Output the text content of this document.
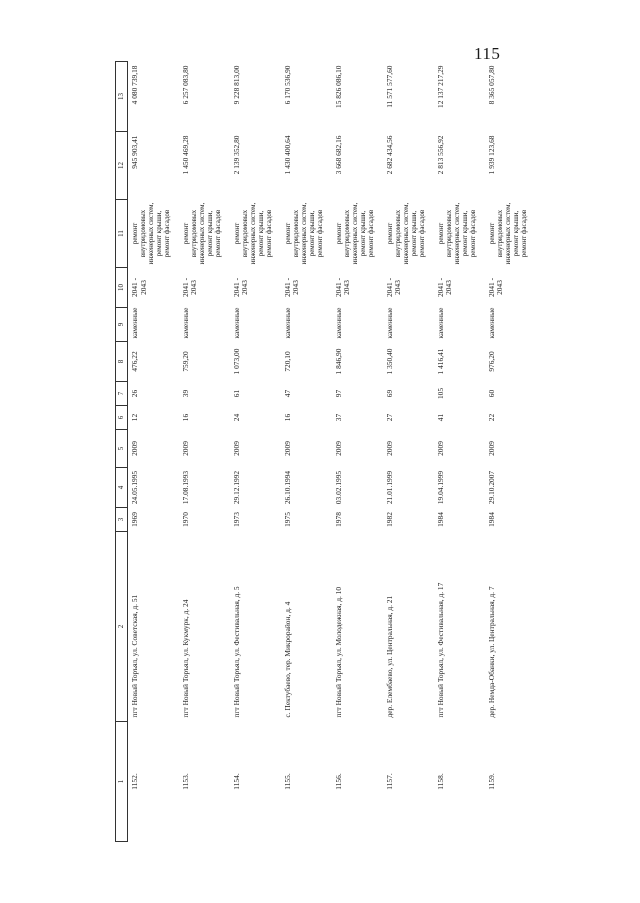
115
1	2	3	4	5	6	7	8	9	10	11	12	13
1152.	пгт Новый Торъял, ул. Советская, д. 51	1969	24.05.1995	2009	12	26	476,22	каменные	2041 - 2043	ремонт внутридомовых инженерных систем, ремонт крыши, ремонт фасадов	945 903,41	4 080 739,18
1153.	пгт Новый Торъял, ул. Кукмурк, д. 24	1970	17.08.1993	2009	16	39	759,20	каменные	2041 - 2043	ремонт внутридомовых инженерных систем, ремонт крыши, ремонт фасадов	1 450 469,28	6 257 083,80
1154.	пгт Новый Торъял, ул. Фестивальная, д. 5	1973	29.12.1992	2009	24	61	1 073,00	каменные	2041 - 2043	ремонт внутридомовых инженерных систем, ремонт крыши, ремонт фасадов	2 139 352,80	9 228 813,00
1155.	с. Пектубаево, тер. Микрорайон, д. 4	1975	26.10.1994	2009	16	47	720,10	каменные	2041 - 2043	ремонт внутридомовых инженерных систем, ремонт крыши, ремонт фасадов	1 430 400,64	6 170 536,90
1156.	пгт Новый Торъял, ул. Молодежная, д. 10	1978	03.02.1995	2009	37	97	1 846,90	каменные	2041 - 2043	ремонт внутридомовых инженерных систем, ремонт крыши, ремонт фасадов	3 668 682,16	15 826 086,10
1157.	дер. Елембаево, ул. Центральная, д. 21	1982	21.01.1999	2009	27	69	1 350,40	каменные	2041 - 2043	ремонт внутридомовых инженерных систем, ремонт крыши, ремонт фасадов	2 682 434,56	11 571 577,60
1158.	пгт Новый Торъял, ул. Фестивальная, д. 17	1984	19.04.1999	2009	41	105	1 416,41	каменные	2041 - 2043	ремонт внутридомовых инженерных систем, ремонт крыши, ремонт фасадов	2 813 556,92	12 137 217,29
1159.	дер. Немда-Обанки, ул. Центральная, д. 7	1984	29.10.2007	2009	22	60	976,20	каменные	2041 - 2043	ремонт внутридомовых инженерных систем, ремонт крыши, ремонт фасадов	1 939 123,68	8 365 057,80
